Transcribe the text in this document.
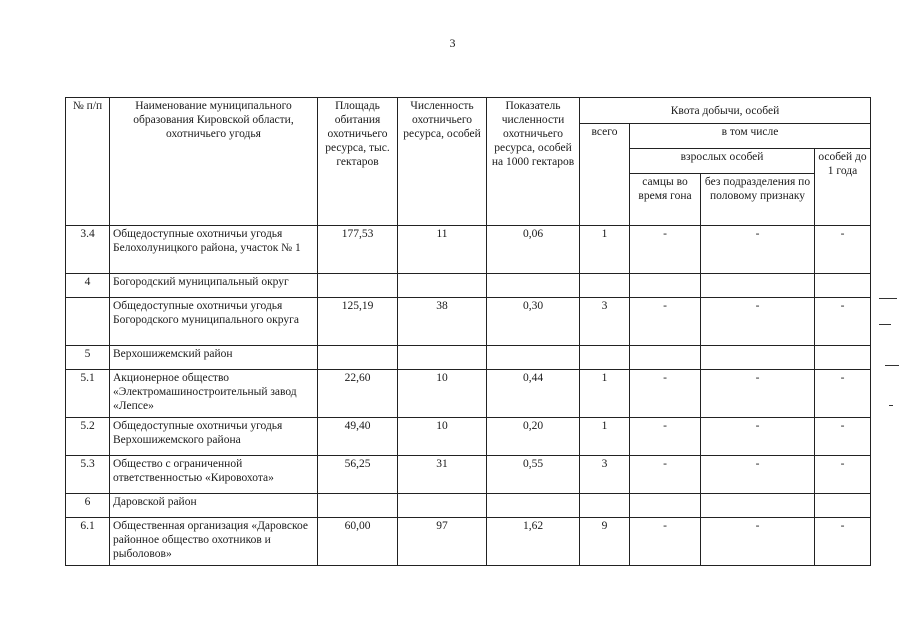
3
№ п/п	Наименование муниципального образования Кировской области, охотничьего угодья	Площадь обитания охотничьего ресурса, тыс. гектаров	Численность охотничьего ресурса, особей	Показатель численности охотничьего ресурса, особей на 1000 гектаров	Квота добычи, особей			
					всего	в том числе		
						взрослых особей		особей до 1 года
						самцы во время гона	без подразделения по половому признаку	
3.4	Общедоступные охотничьи угодья Белохолуницкого района, участок № 1	177,53	11	0,06	1	-	-	-
4	Богородский муниципальный округ							
	Общедоступные охотничьи угодья Богородского муниципального округа	125,19	38	0,30	3	-	-	-
5	Верхошижемский район							
5.1	Акционерное общество «Электромашиностроительный завод «Лепсе»	22,60	10	0,44	1	-	-	-
5.2	Общедоступные охотничьи угодья Верхошижемского района	49,40	10	0,20	1	-	-	-
5.3	Общество с ограниченной ответственностью «Кировохота»	56,25	31	0,55	3	-	-	-
6	Даровской район							
6.1	Общественная организация «Даровское районное общество охотников и рыболовов»	60,00	97	1,62	9	-	-	-
